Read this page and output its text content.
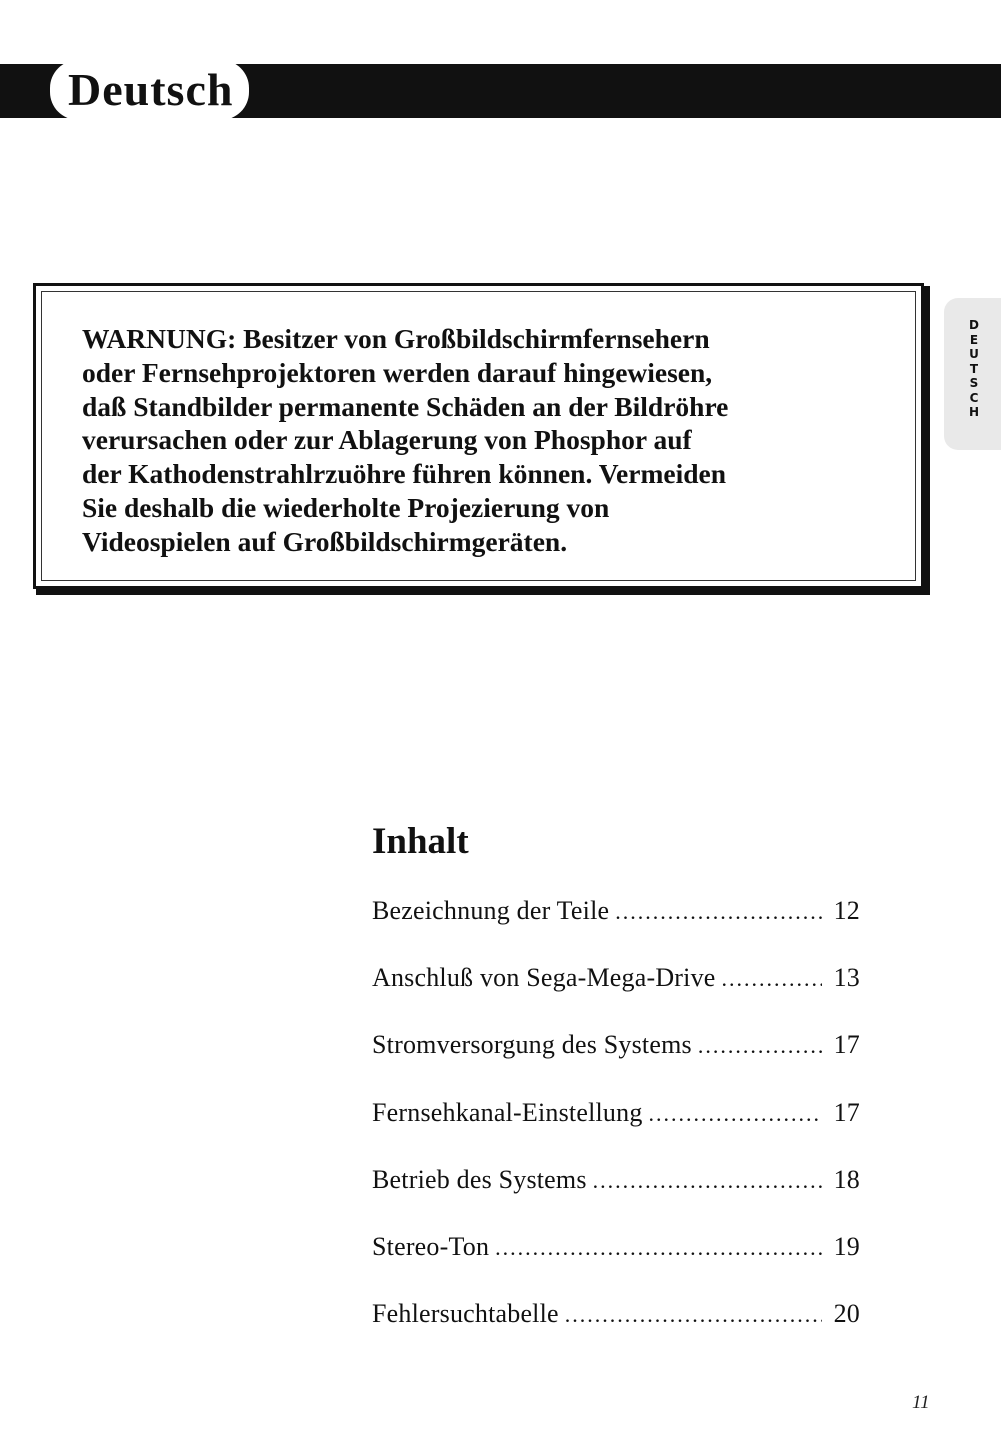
Deutsch
DEUTSCH
WARNUNG: Besitzer von Großbildschirmfernsehern
oder Fernsehprojektoren werden darauf hingewiesen,
daß Standbilder permanente Schäden an der Bildröhre
verursachen oder zur Ablagerung von Phosphor auf
der Kathodenstrahlrzuöhre führen können. Vermeiden
Sie deshalb die wiederholte Projezierung von
Videospielen auf Großbildschirmgeräten.
Inhalt
Bezeichnung der Teile .....	12
Anschluß von Sega-Mega-Drive .....	13
Stromversorgung des Systems .....	17
Fernsehkanal-Einstellung .....	17
Betrieb des Systems .....	18
Stereo-Ton .....	19
Fehlersuchtabelle .....	20
11
